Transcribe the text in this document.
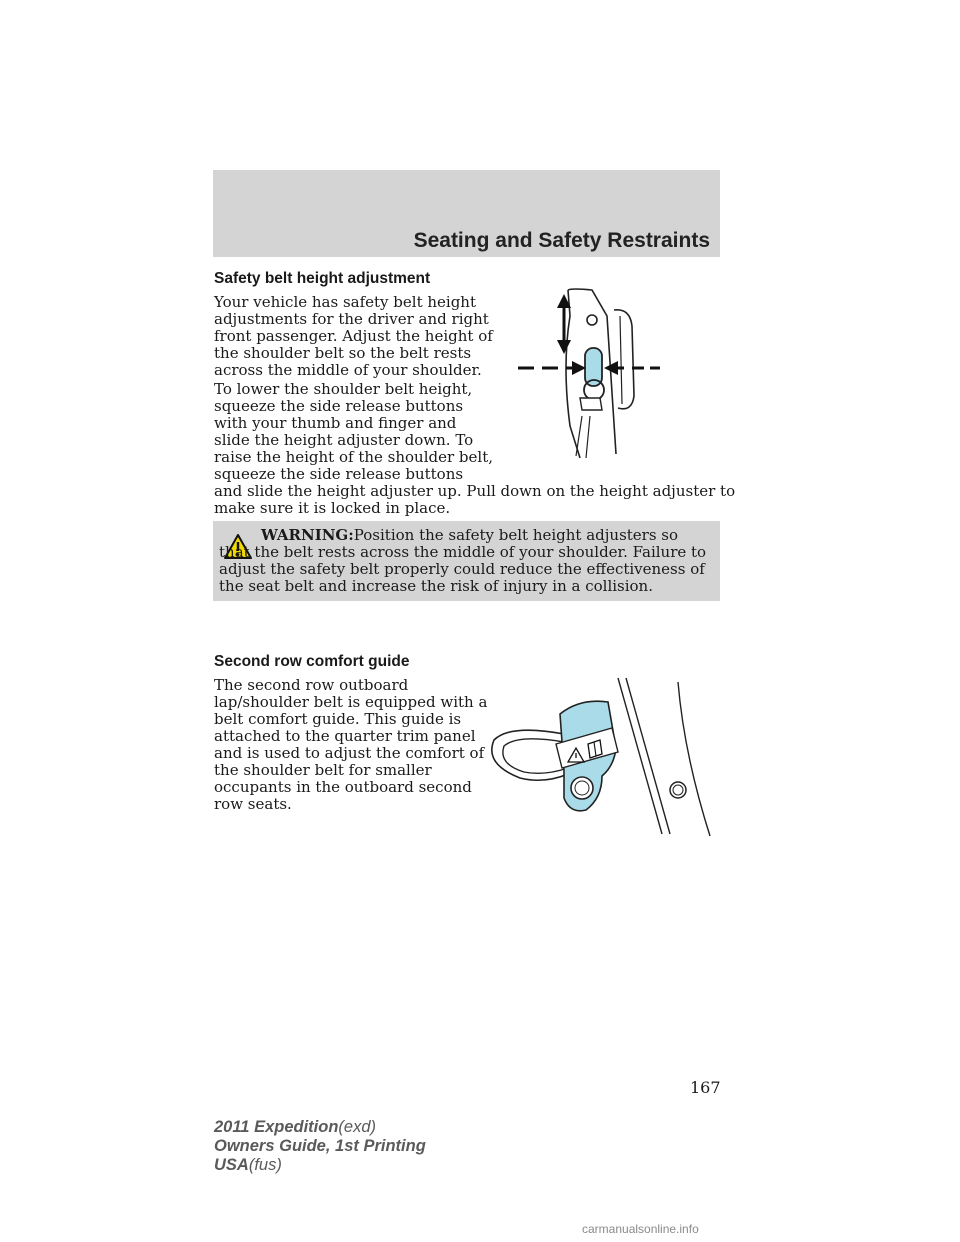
Seating and Safety Restraints
Safety belt height adjustment

Your vehicle has safety belt height
adjustments for the driver and right
front passenger. Adjust the height of
the shoulder belt so the belt rests
across the middle of your shoulder.

To lower the shoulder belt height,
squeeze the side release buttons
with your thumb and finger and
slide the height adjuster down. To
raise the height of the shoulder belt,
squeeze the side release buttons
and slide the height adjuster up. Pull down on the height adjuster to
make sure it is locked in place.

WARNING:Position the safety belt height adjusters so that the belt rests across the middle of your shoulder. Failure to adjust the safety belt properly could reduce the effectiveness of the seat belt and increase the risk of injury in a collision.

Second row comfort guide

The second row outboard
lap/shoulder belt is equipped with a
belt comfort guide. This guide is
attached to the quarter trim panel
and is used to adjust the comfort of
the shoulder belt for smaller
occupants in the outboard second
row seats.

167
2011 Expedition(exd)
Owners Guide, 1st Printing
USA(fus)
carmanualsonline.info
